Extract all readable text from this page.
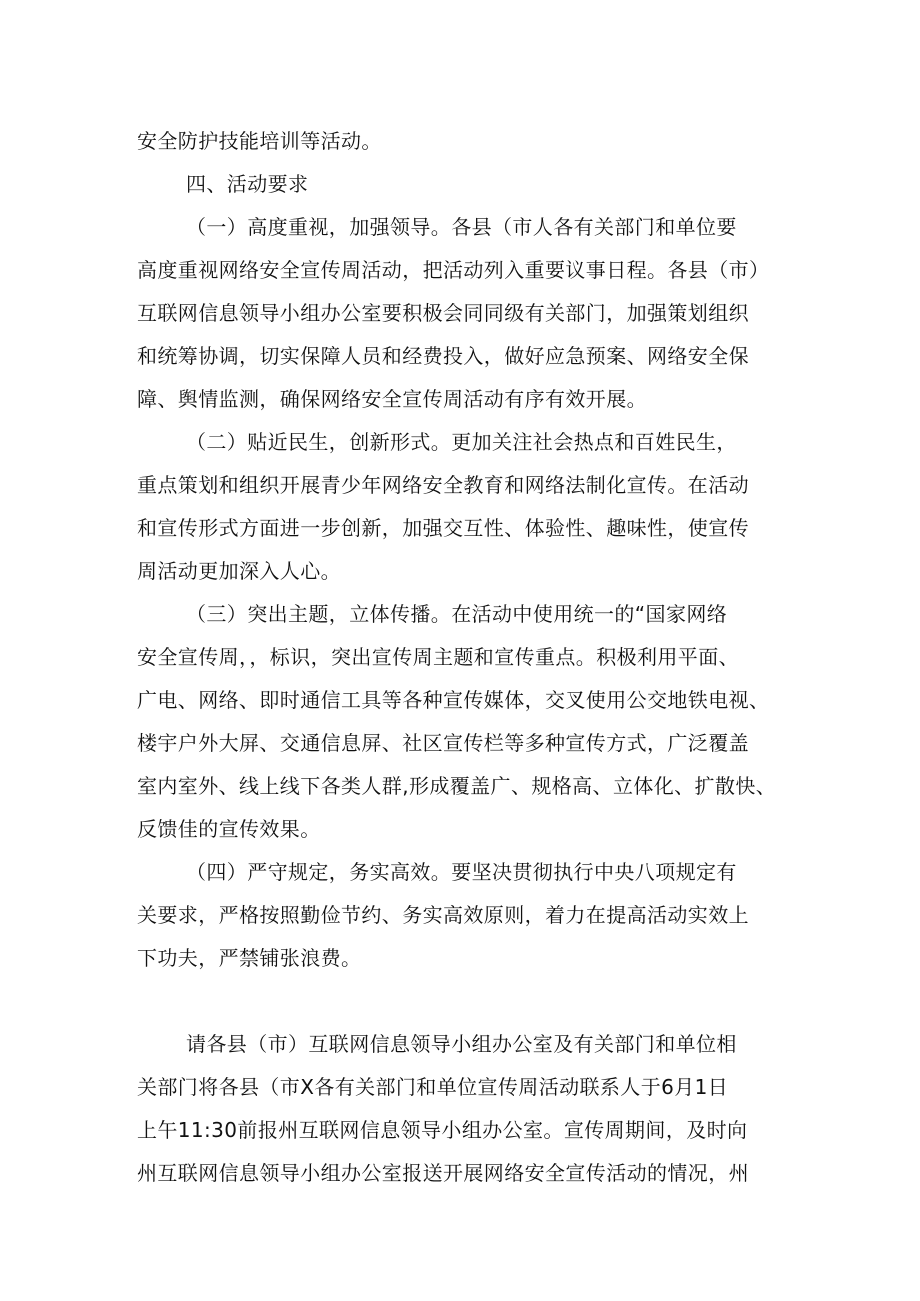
安全防护技能培训等活动。
四、活动要求
（一）高度重视，加强领导。各县（市人各有关部门和单位要
高度重视网络安全宣传周活动，把活动列入重要议事日程。各县（市）
互联网信息领导小组办公室要积极会同同级有关部门，加强策划组织
和统筹协调，切实保障人员和经费投入，做好应急预案、网络安全保
障、舆情监测，确保网络安全宣传周活动有序有效开展。
（二）贴近民生，创新形式。更加关注社会热点和百姓民生，
重点策划和组织开展青少年网络安全教育和网络法制化宣传。在活动
和宣传形式方面进一步创新，加强交互性、体验性、趣味性，使宣传
周活动更加深入人心。
（三）突出主题，立体传播。在活动中使用统一的“国家网络
安全宣传周，，标识，突出宣传周主题和宣传重点。积极利用平面、
广电、网络、即时通信工具等各种宣传媒体，交叉使用公交地铁电视、
楼宇户外大屏、交通信息屏、社区宣传栏等多种宣传方式，广泛覆盖
室内室外、线上线下各类人群,形成覆盖广、规格高、立体化、扩散快、
反馈佳的宣传效果。
（四）严守规定，务实高效。要坚决贯彻执行中央八项规定有
关要求，严格按照勤俭节约、务实高效原则，着力在提高活动实效上
下功夫，严禁铺张浪费。
请各县（市）互联网信息领导小组办公室及有关部门和单位相
关部门将各县（市X各有关部门和单位宣传周活动联系人于6月1日
上午11:30前报州互联网信息领导小组办公室。宣传周期间，及时向
州互联网信息领导小组办公室报送开展网络安全宣传活动的情况，州
